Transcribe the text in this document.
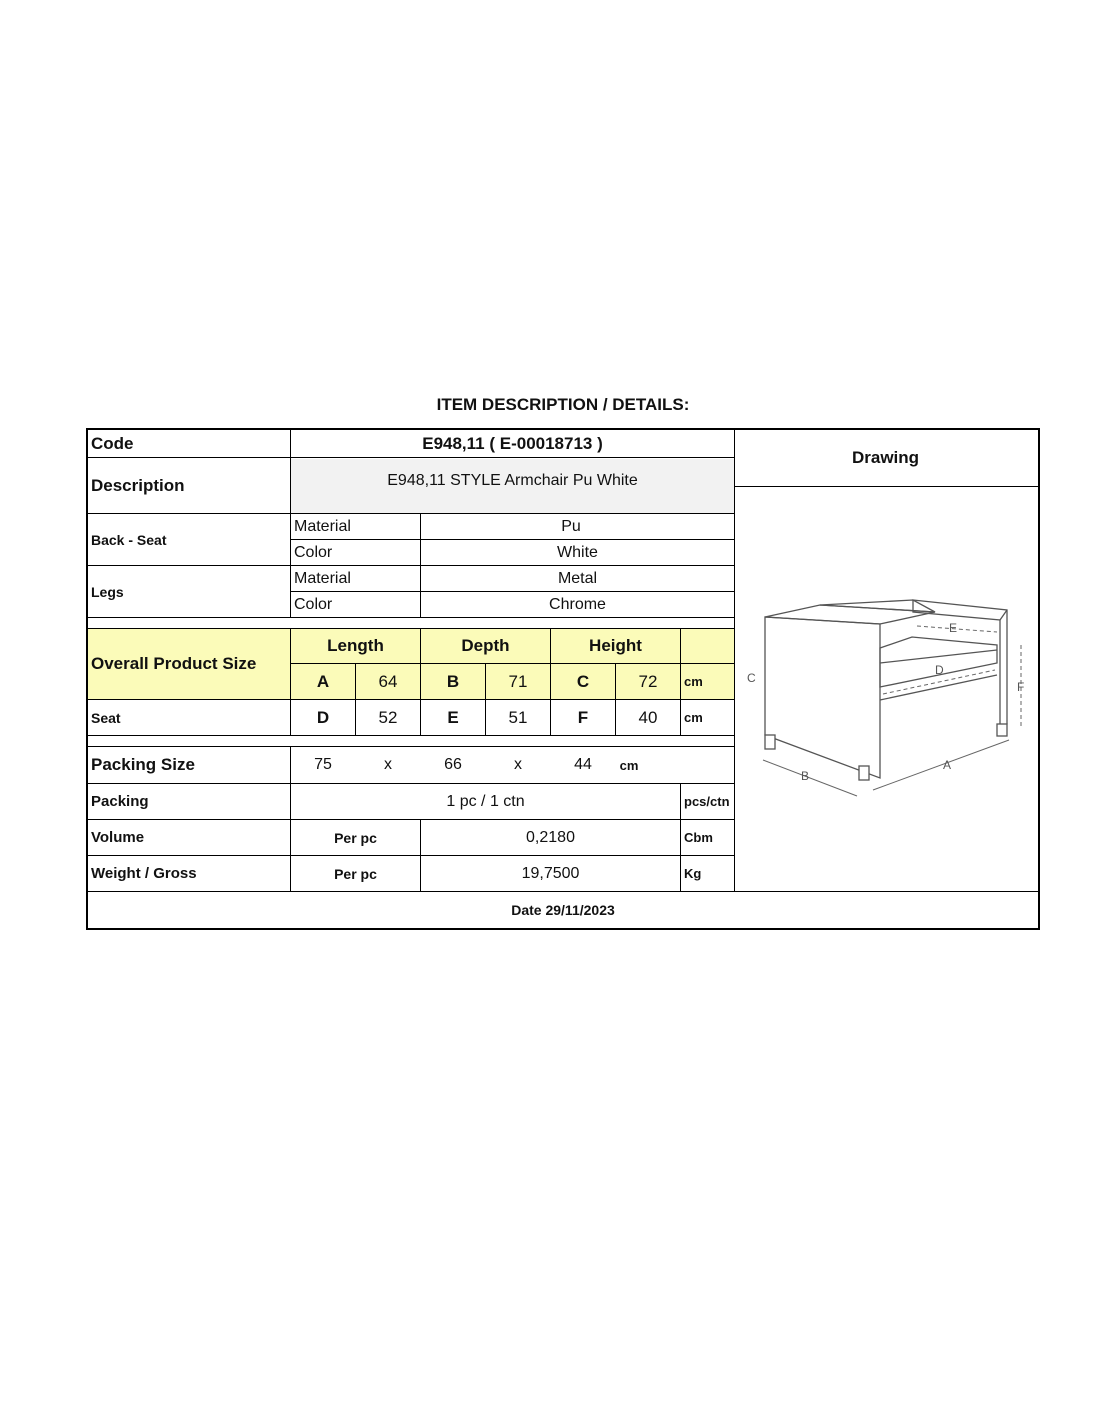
ITEM DESCRIPTION / DETAILS:
Code	E948,11 ( E-00018713 )
Description	E948,11 STYLE Armchair Pu White
Drawing
Back - Seat
Material	Pu
Color	White
Legs
Material	Metal
Color	Chrome
Overall Product Size
Length	Depth	Height
A	64	B	71	C	72	cm
Seat	D	52	E	51	F	40	cm
Packing Size	75	x	66	x	44	cm
Packing	1 pc / 1 ctn	pcs/ctn
Volume	Per pc	0,2180	Cbm
Weight / Gross	Per pc	19,7500	Kg
Date 29/11/2023
E
D
C
F
B
A
